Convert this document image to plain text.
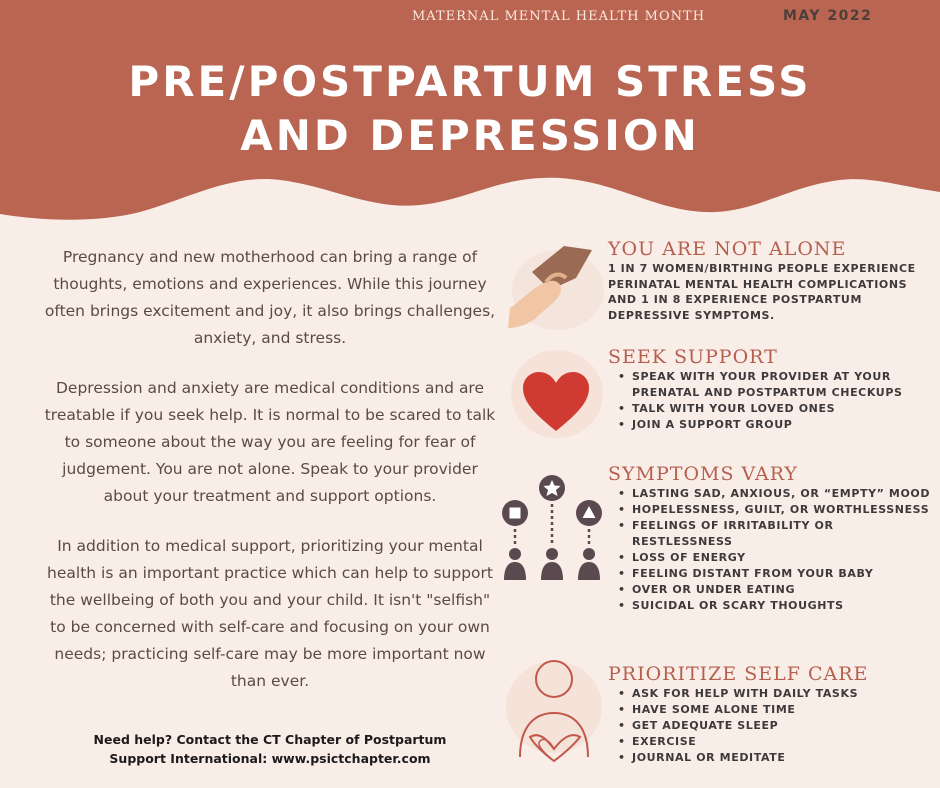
MATERNAL MENTAL HEALTH MONTH	MAY 2022
PRE/POSTPARTUM STRESS
AND DEPRESSION

Pregnancy and new motherhood can bring a range of thoughts, emotions and experiences. While this journey often brings excitement and joy, it also brings challenges, anxiety, and stress.

Depression and anxiety are medical conditions and are treatable if you seek help. It is normal to be scared to talk to someone about the way you are feeling for fear of judgement. You are not alone. Speak to your provider about your treatment and support options.

In addition to medical support, prioritizing your mental health is an important practice which can help to support the wellbeing of both you and your child. It isn't "selfish" to be concerned with self-care and focusing on your own needs; practicing self-care may be more important now than ever.

Need help? Contact the CT Chapter of Postpartum
Support International: www.psictchapter.com
YOU ARE NOT ALONE
1 IN 7 WOMEN/BIRTHING PEOPLE EXPERIENCE PERINATAL MENTAL HEALTH COMPLICATIONS AND 1 IN 8 EXPERIENCE POSTPARTUM DEPRESSIVE SYMPTOMS.
SEEK SUPPORT
• SPEAK WITH YOUR PROVIDER AT YOUR PRENATAL AND POSTPARTUM CHECKUPS
• TALK WITH YOUR LOVED ONES
• JOIN A SUPPORT GROUP
SYMPTOMS VARY
• LASTING SAD, ANXIOUS, OR “EMPTY” MOOD
• HOPELESSNESS, GUILT, OR WORTHLESSNESS
• FEELINGS OF IRRITABILITY OR RESTLESSNESS
• LOSS OF ENERGY
• FEELING DISTANT FROM YOUR BABY
• OVER OR UNDER EATING
• SUICIDAL OR SCARY THOUGHTS
PRIORITIZE SELF CARE
• ASK FOR HELP WITH DAILY TASKS
• HAVE SOME ALONE TIME
• GET ADEQUATE SLEEP
• EXERCISE
• JOURNAL OR MEDITATE
